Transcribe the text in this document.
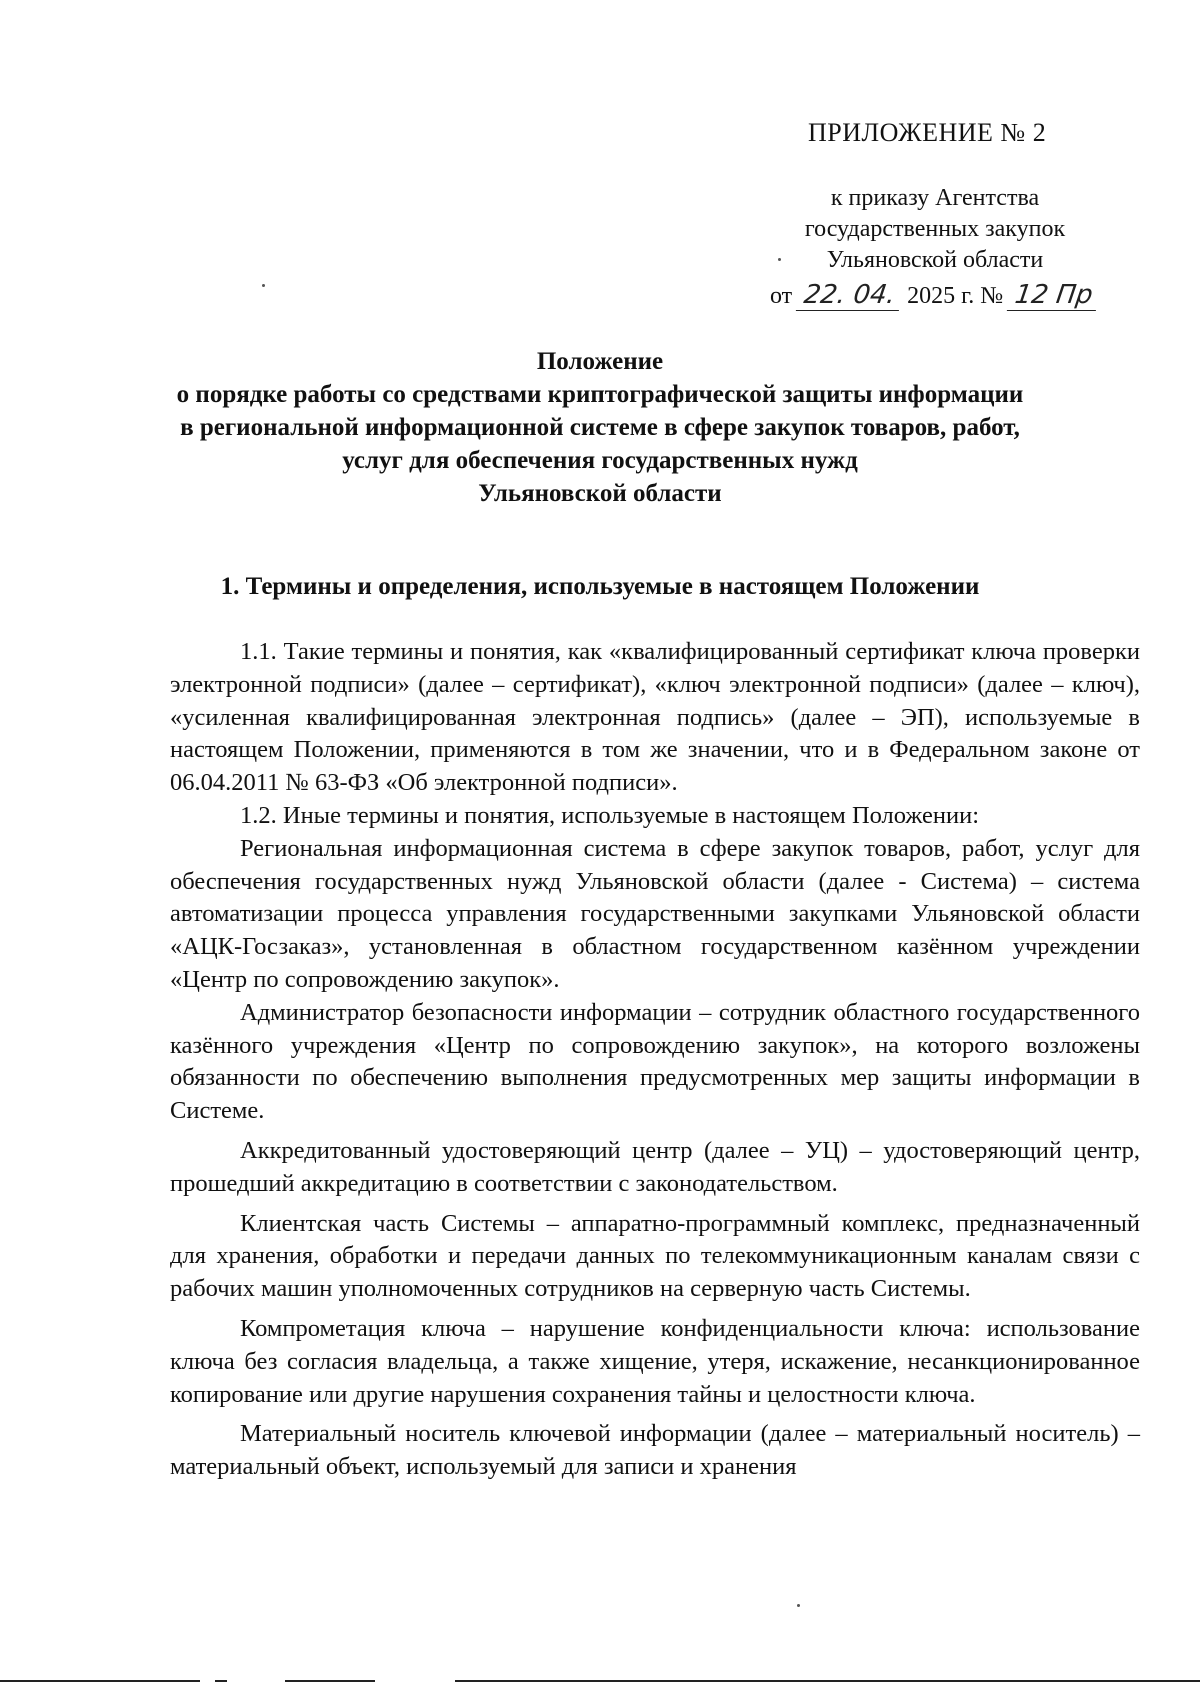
ПРИЛОЖЕНИЕ № 2
к приказу Агентства
государственных закупок
Ульяновской области
от 22. 04. 2025 г. № 12 Пр
Положение
о порядке работы со средствами криптографической защиты информации
в региональной информационной системе в сфере закупок товаров, работ,
услуг для обеспечения государственных нужд
Ульяновской области
1. Термины и определения, используемые в настоящем Положении

1.1. Такие термины и понятия, как «квалифицированный сертификат ключа проверки электронной подписи» (далее – сертификат), «ключ электронной подписи» (далее – ключ), «усиленная квалифицированная электронная подпись» (далее – ЭП), используемые в настоящем Положении, применяются в том же значении, что и в Федеральном законе от 06.04.2011 № 63-ФЗ «Об электронной подписи».

1.2. Иные термины и понятия, используемые в настоящем Положении:

Региональная информационная система в сфере закупок товаров, работ, услуг для обеспечения государственных нужд Ульяновской области (далее - Система) – система автоматизации процесса управления государственными закупками Ульяновской области «АЦК-Госзаказ», установленная в областном государственном казённом учреждении «Центр по сопровождению закупок».

Администратор безопасности информации – сотрудник областного государственного казённого учреждения «Центр по сопровождению закупок», на которого возложены обязанности по обеспечению выполнения предусмотренных мер защиты информации в Системе.

Аккредитованный удостоверяющий центр (далее – УЦ) – удостоверяющий центр, прошедший аккредитацию в соответствии с законодательством.

Клиентская часть Системы – аппаратно-программный комплекс, предназначенный для хранения, обработки и передачи данных по телекоммуникационным каналам связи с рабочих машин уполномоченных сотрудников на серверную часть Системы.

Компрометация ключа – нарушение конфиденциальности ключа: использование ключа без согласия владельца, а также хищение, утеря, искажение, несанкционированное копирование или другие нарушения сохранения тайны и целостности ключа.

Материальный носитель ключевой информации (далее – материальный носитель) – материальный объект, используемый для записи и хранения
